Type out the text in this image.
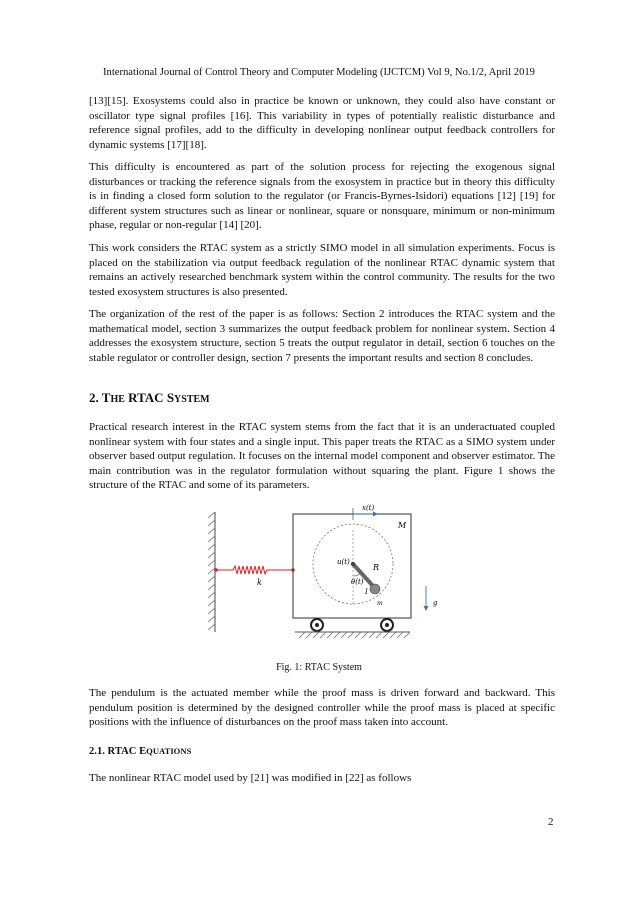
International Journal of Control Theory and Computer Modeling (IJCTCM) Vol 9, No.1/2, April 2019

[13][15]. Exosystems could also in practice be known or unknown, they could also have constant or oscillator type signal profiles [16]. This variability in types of potentially realistic disturbance and reference signal profiles, add to the difficulty in developing nonlinear output feedback controllers for dynamic systems [17][18].

This difficulty is encountered as part of the solution process for rejecting the exogenous signal disturbances or tracking the reference signals from the exosystem in practice but in theory this difficulty is in finding a closed form solution to the regulator (or Francis-Byrnes-Isidori) equations [12] [19] for different system structures such as linear or nonlinear, square or nonsquare, minimum or non-minimum phase, regular or non-regular [14] [20].

This work considers the RTAC system as a strictly SIMO model in all simulation experiments. Focus is placed on the stabilization via output feedback regulation of the nonlinear RTAC dynamic system that remains an actively researched benchmark system within the control community. The results for the two tested exosystem structures is also presented.

The organization of the rest of the paper is as follows: Section 2 introduces the RTAC system and the mathematical model, section 3 summarizes the output feedback problem for nonlinear system. Section 4 addresses the exosystem structure, section 5 treats the output regulator in detail, section 6 touches on the stable regulator or controller design, section 7 presents the important results and section 8 concludes.

2. THE RTAC SYSTEM

Practical research interest in the RTAC system stems from the fact that it is an underactuated coupled nonlinear system with four states and a single input. This paper treats the RTAC as a SIMO system under observer based output regulation. It focuses on the internal model component and observer estimator. The main contribution was in the regulator formulation without squaring the plant. Figure 1 shows the structure of the RTAC and some of its parameters.

k
M
x(t)
u(t)
R
θ(t)
I
m	g
Fig. 1: RTAC System

The pendulum is the actuated member while the proof mass is driven forward and backward. This pendulum position is determined by the designed controller while the proof mass is placed at specific positions with the influence of disturbances on the proof mass taken into account.

2.1. RTAC EQUATIONS

The nonlinear RTAC model used by [21] was modified in [22] as follows

2
